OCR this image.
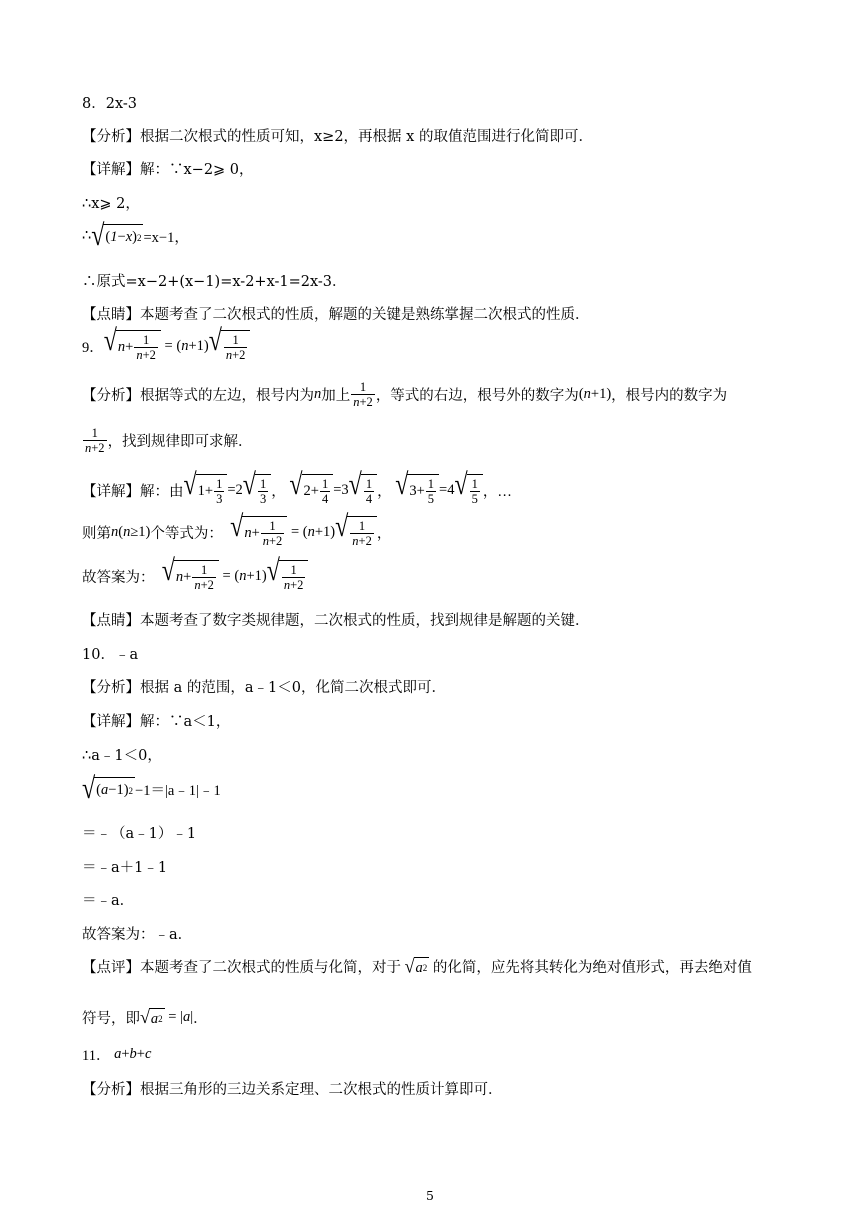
8．2x-3
【分析】根据二次根式的性质可知，x≥2，再根据 x 的取值范围进行化简即可．
【详解】解：∵x−2⩾ 0，
∴x⩾ 2，
∴ √ ( 1 − x ) 2 =x−1，
∴原式=x−2+(x−1)=x-2+x-1=2x-3．
【点睛】本题考查了二次根式的性质，解题的关键是熟练掌握二次根式的性质．
9． √ $n + \frac{1}{n+2} = (n+1)$ √ $\frac{1}{n+2}$
【分析】根据等式的左边，根号内为 n 加上 $\frac{1}{n+2}$ ，等式的右边，根号外的数字为 (n+1) ，根号内的数字为
$\frac{1}{n+2}$ ，找到规律即可求解．
【详解】解：由 √ $1+ \frac{1}{3} =2$ √ $\frac{1}{3}$ ， √ $2+ \frac{1}{4} =3$ √ $\frac{1}{4}$ ， √ $3+ \frac{1}{5} =4$ √ $\frac{1}{5}$ ，…
则第 n(n≥1) 个等式为：
√ $n + \frac{1}{n+2} = (n+1)$ √ $\frac{1}{n+2}$ ，
故答案为：
√ $n + \frac{1}{n+2} = (n+1)$ √ $\frac{1}{n+2}$
【点睛】本题考查了数字类规律题，二次根式的性质，找到规律是解题的关键．
10．﹣a
【分析】根据 a 的范围，a﹣1＜0，化简二次根式即可．
【详解】解：∵a＜1，
∴a﹣1＜0，
√ ( a −1) 2 −1＝|a﹣1|﹣1
＝﹣（a﹣1）﹣1
＝﹣a＋1﹣1
＝﹣a．
故答案为：﹣a．
【点评】本题考查了二次根式的性质与化简，对于
√ a 2
的化简，应先将其转化为绝对值形式，再去绝对值
符号，即 √ a 2 = |a| ．
11． a+b+c
【分析】根据三角形的三边关系定理、二次根式的性质计算即可．
5
